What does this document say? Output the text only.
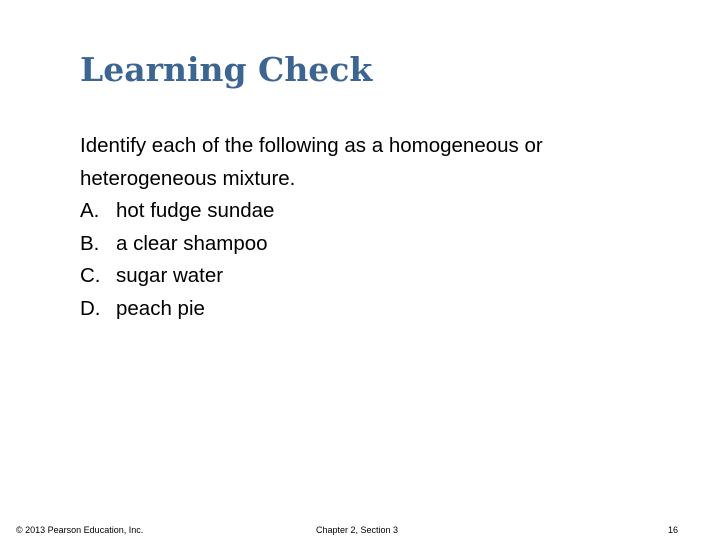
Learning Check

Identify each of the following as a homogeneous or heterogeneous mixture.

A. hot fudge sundae
B. a clear shampoo
C. sugar water
D. peach pie
© 2013 Pearson Education, Inc.	Chapter 2, Section 3	16
